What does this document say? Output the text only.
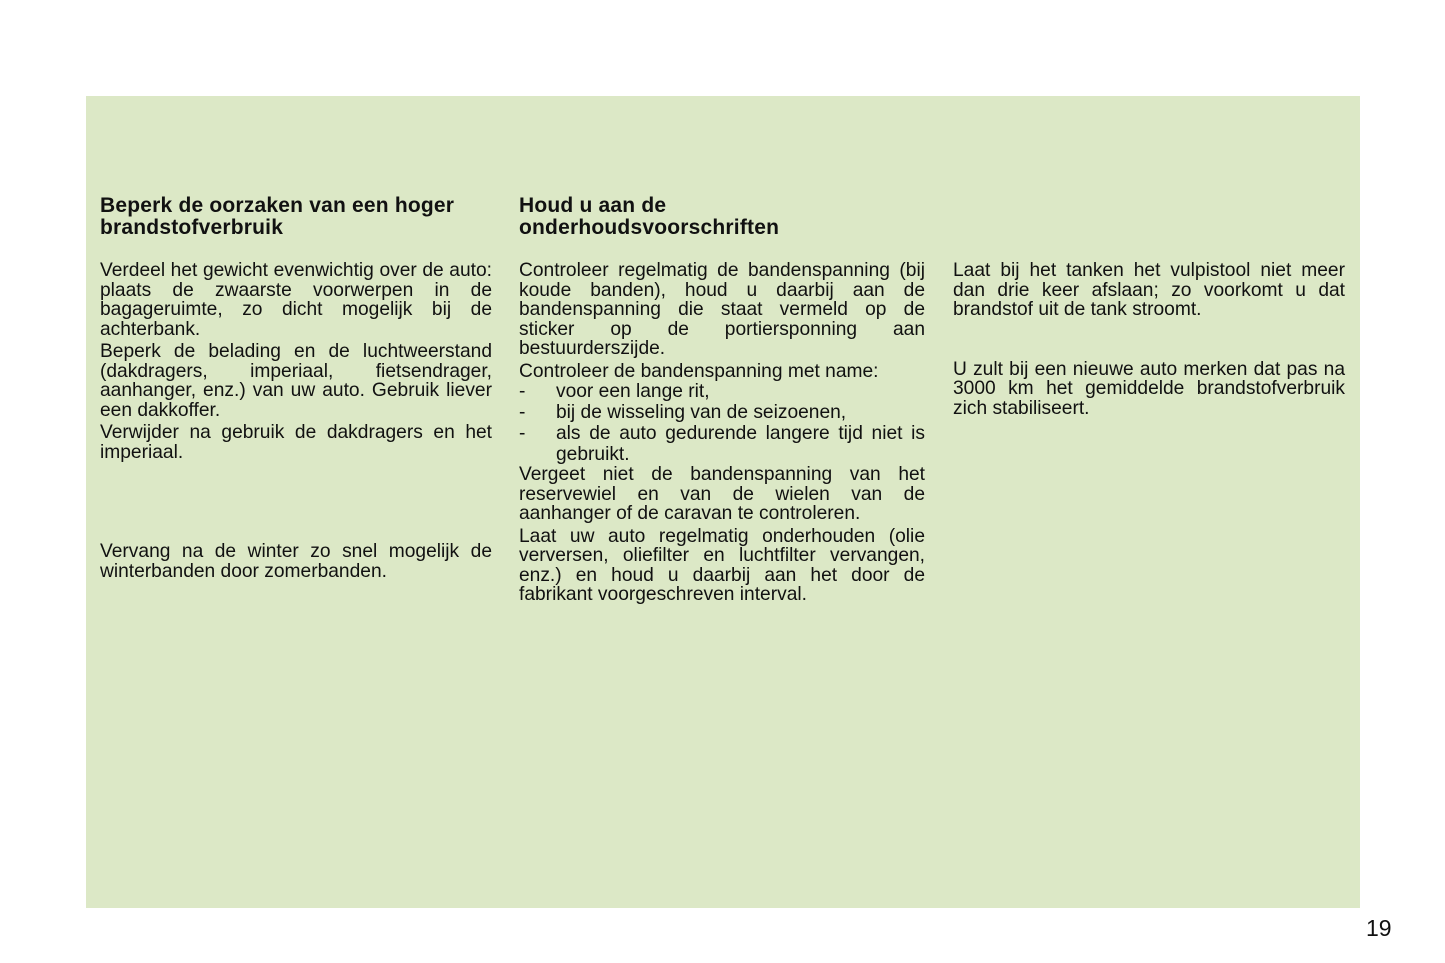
Beperk de oorzaken van een hoger brandstofverbruik

Verdeel het gewicht evenwichtig over de auto: plaats de zwaarste voorwerpen in de bagageruimte, zo dicht mogelijk bij de achterbank.

Beperk de belading en de luchtweerstand (dakdragers, imperiaal, fietsendrager, aanhanger, enz.) van uw auto. Gebruik liever een dakkoffer.

Verwijder na gebruik de dakdragers en het imperiaal.

Vervang na de winter zo snel mogelijk de winterbanden door zomerbanden.

Houd u aan de onderhoudsvoorschriften

Controleer regelmatig de bandenspanning (bij koude banden), houd u daarbij aan de bandenspanning die staat vermeld op de sticker op de portiersponning aan bestuurderszijde.

Controleer de bandenspanning met name:

- voor een lange rit,
- bij de wisseling van de seizoenen,
- als de auto gedurende langere tijd niet is gebruikt.

Vergeet niet de bandenspanning van het reservewiel en van de wielen van de aanhanger of de caravan te controleren.

Laat uw auto regelmatig onderhouden (olie verversen, oliefilter en luchtfilter vervangen, enz.) en houd u daarbij aan het door de fabrikant voorgeschreven interval.

Laat bij het tanken het vulpistool niet meer dan drie keer afslaan; zo voorkomt u dat brandstof uit de tank stroomt.

U zult bij een nieuwe auto merken dat pas na 3000 km het gemiddelde brandstofverbruik zich stabiliseert.

19
